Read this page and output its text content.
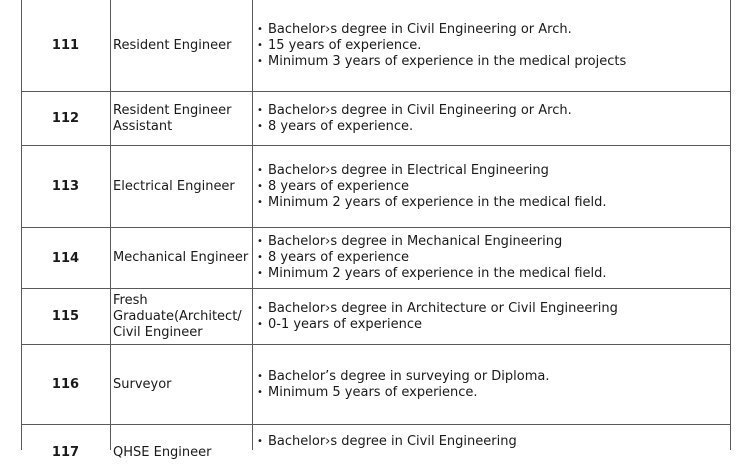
111	Resident Engineer
• Bachelor›s degree in Civil Engineering or Arch.
• 15 years of experience.
• Minimum 3 years of experience in the medical projects
112
Resident Engineer Assistant
• Bachelor›s degree in Civil Engineering or Arch.
• 8 years of experience.
113	Electrical Engineer
• Bachelor›s degree in Electrical Engineering
• 8 years of experience
• Minimum 2 years of experience in the medical field.
114	Mechanical Engineer
• Bachelor›s degree in Mechanical Engineering
• 8 years of experience
• Minimum 2 years of experience in the medical field.
115
Fresh Graduate(Architect/ Civil Engineer
• Bachelor›s degree in Architecture or Civil Engineering
• 0-1 years of experience
116	Surveyor
• Bachelor’s degree in surveying or Diploma.
• Minimum 5 years of experience.
117	QHSE Engineer
• Bachelor›s degree in Civil Engineering
